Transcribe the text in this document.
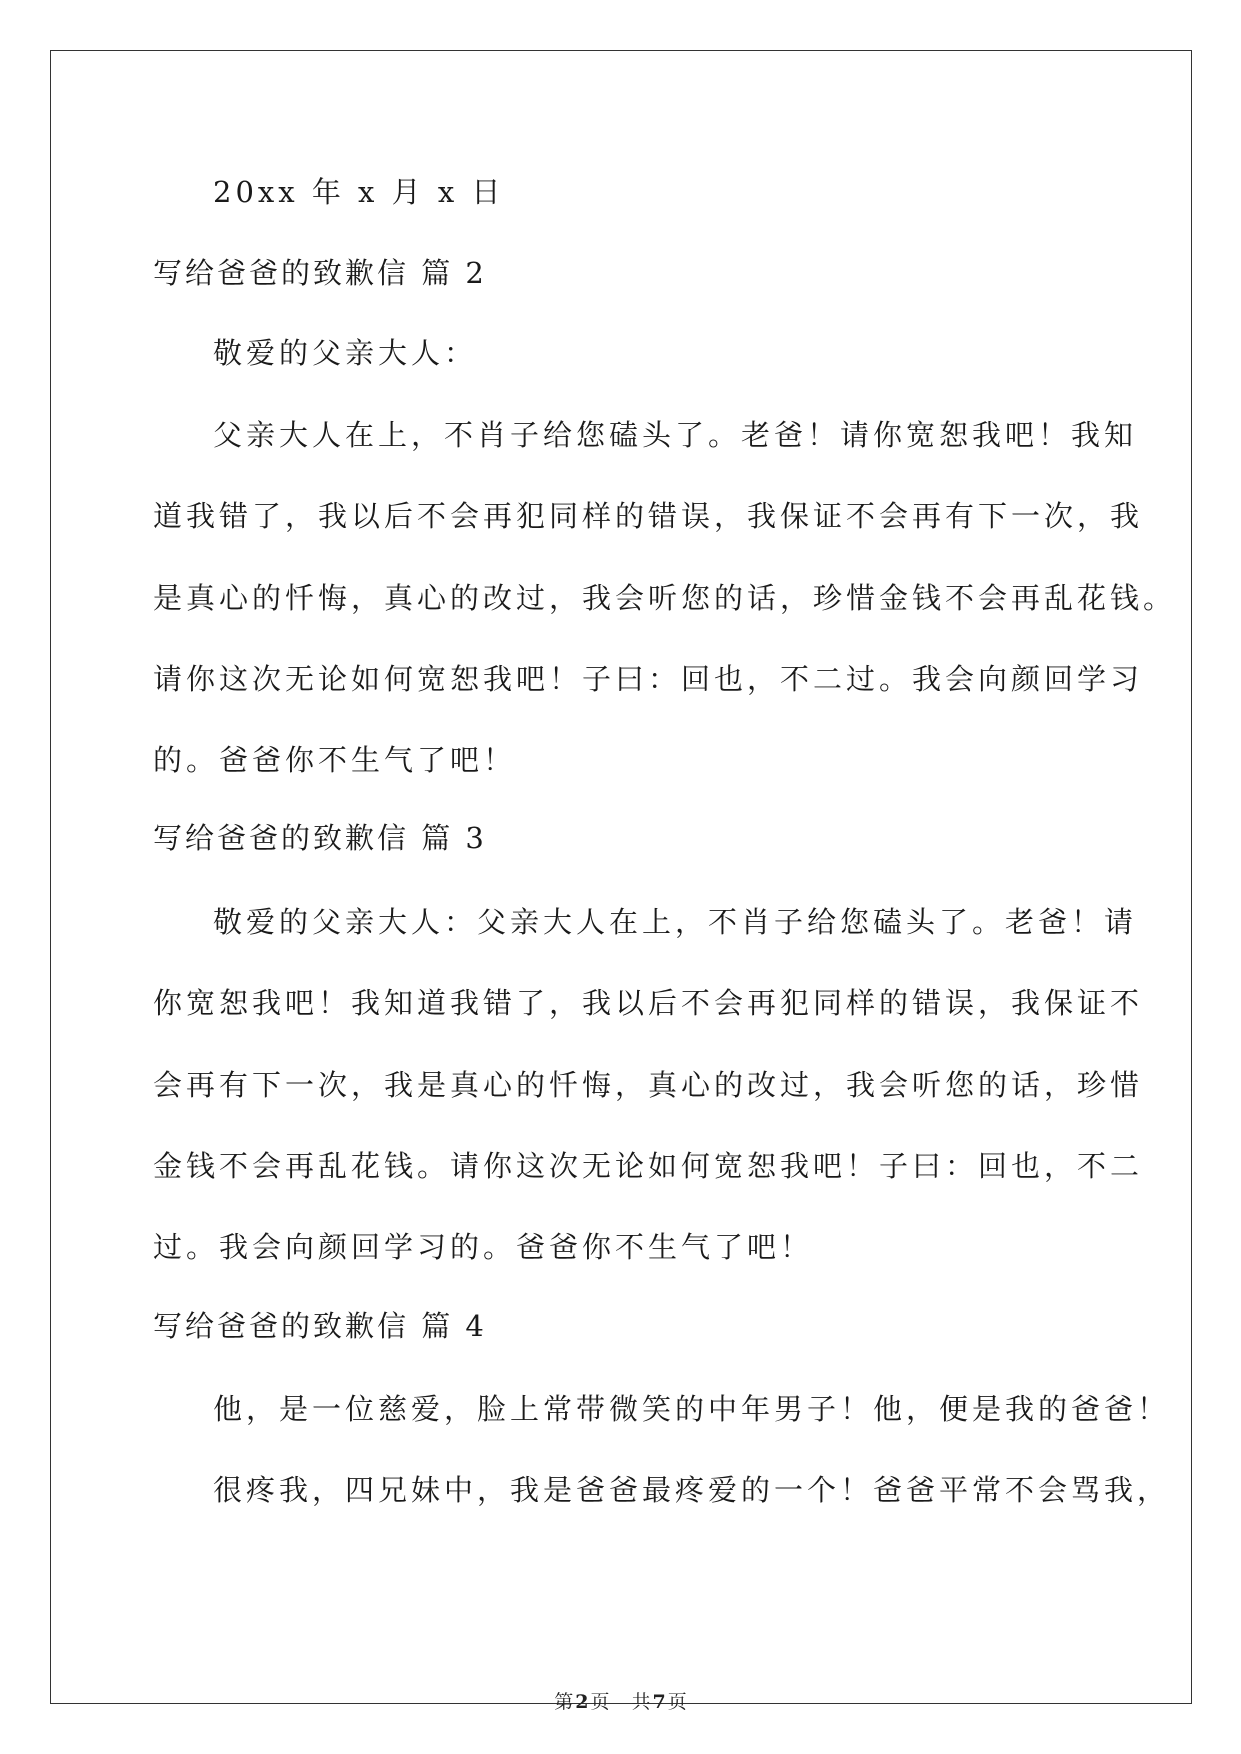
20xx 年 x 月 x 日
写给爸爸的致歉信 篇 2
敬爱的父亲大人：
父亲大人在上，不肖子给您磕头了。老爸！请你宽恕我吧！我知
道我错了，我以后不会再犯同样的错误，我保证不会再有下一次，我
是真心的忏悔，真心的改过，我会听您的话，珍惜金钱不会再乱花钱。
请你这次无论如何宽恕我吧！子曰：回也，不二过。我会向颜回学习
的。爸爸你不生气了吧！
写给爸爸的致歉信 篇 3
敬爱的父亲大人：父亲大人在上，不肖子给您磕头了。老爸！请
你宽恕我吧！我知道我错了，我以后不会再犯同样的错误，我保证不
会再有下一次，我是真心的忏悔，真心的改过，我会听您的话，珍惜
金钱不会再乱花钱。请你这次无论如何宽恕我吧！子曰：回也，不二
过。我会向颜回学习的。爸爸你不生气了吧！
写给爸爸的致歉信 篇 4
他，是一位慈爱，脸上常带微笑的中年男子！他，便是我的爸爸！
很疼我，四兄妹中，我是爸爸最疼爱的一个！爸爸平常不会骂我，
第 2 页 共 7 页
